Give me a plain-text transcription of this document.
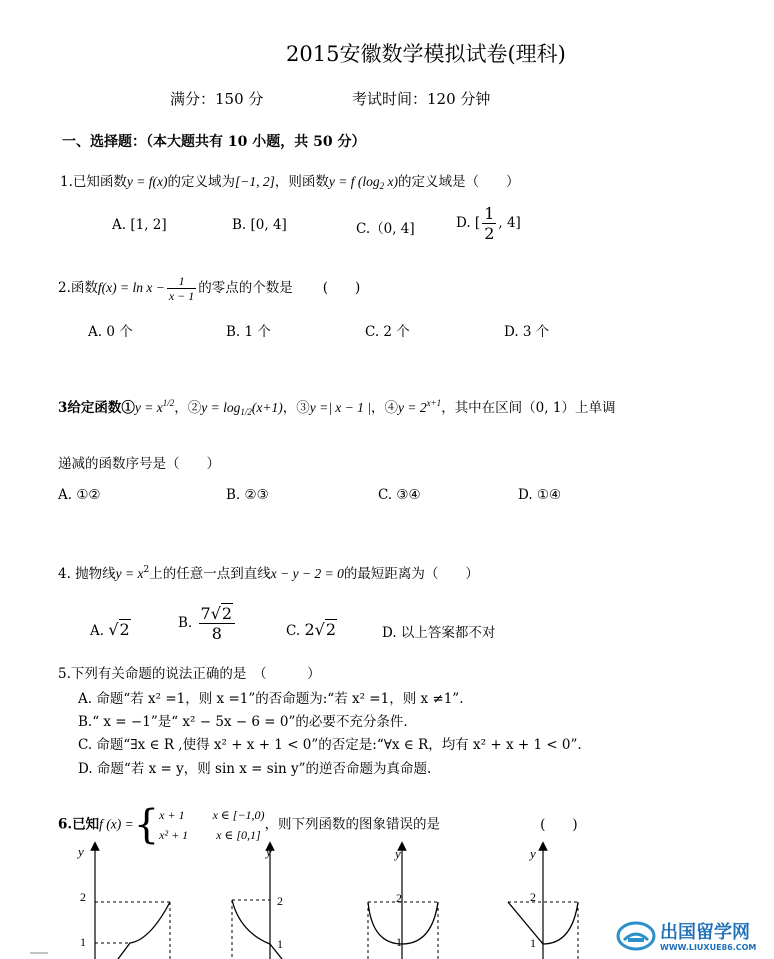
2015安徽数学模拟试卷(理科)
满分：150 分	考试时间：120 分钟
一、选择题：（本大题共有 10 小题，共 50 分）
1.已知函数y = f(x)的定义域为[−1, 2]，则函数y = f ($\log_2$ x)的定义域是（　　）
A. [1, 2]	B. [0, 4]	C.（0, 4]	D. [ $\frac{1}{2}$ , 4]
2.函数$f(x) = \ln x - \frac{1}{x - 1}$ 的零点的个数是 (　　)
A. 0 个	B. 1 个	C. 2 个	D. 3 个
3给定函数①y = $x^{1/2}$，②y = $\log_{1/2}(x+1)$，③y =| x − 1 |，④y = $2^{x+1}$，其中在区间（0, 1）上单调
递减的函数序号是（　　）
A. ①②	B. ②③	C. ③④	D. ①④
4. 抛物线$y = x^2$上的任意一点到直线x − y − 2 = 0的最短距离为（　　）
A. √2	B. $\frac{7√2}{8}$	C. 2√2	D. 以上答案都不对
5.下列有关命题的说法正确的是　（　　　）
A. 命题“若 x² =1，则 x =1”的否命题为:“若 x² =1，则 x ≠1”.
B.“ x = −1”是“ x² − 5x − 6 = 0”的必要不充分条件.
C. 命题“∃x ∈ R ,使得 x² + x + 1 < 0”的否定是:“∀x ∈ R，均有 x² + x + 1 < 0”.
D. 命题“若 x = y，则 sin x = sin y”的逆否命题为真命题.
6.已知f (x) ={x + 1 x ∈ [−1,0)
x² + 1 x ∈ [0,1]，则下列函数的图象错误的是	(　　)
y
2
1
y
2
1
y
2
1
y
2
1	出国留学网
WWW.LIUXUE86.COM
